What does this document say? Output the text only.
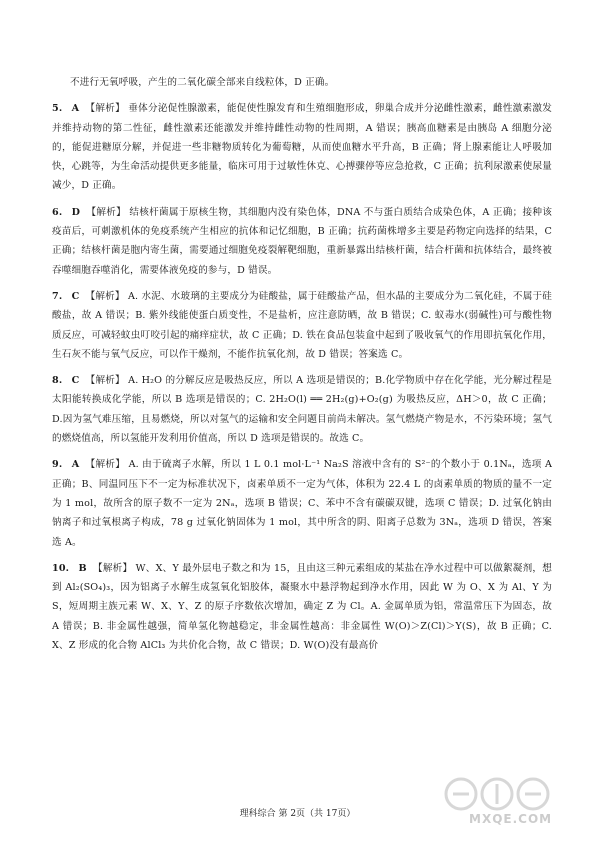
不进行无氧呼吸，产生的二氧化碳全部来自线粒体，D 正确。

5. A 【解析】 垂体分泌促性腺激素，能促使性腺发育和生殖细胞形成，卵巢合成并分泌雌性激素，雌性激素激发并维持动物的第二性征，雌性激素还能激发并维持雌性动物的性周期，A 错误；胰高血糖素是由胰岛 A 细胞分泌的，能促进糖原分解，并促进一些非糖物质转化为葡萄糖，从而使血糖水平升高，B 正确；肾上腺素能让人呼吸加快，心跳等，为生命活动提供更多能量，临床可用于过敏性休克、心搏骤停等应急抢救，C 正确；抗利尿激素使尿量减少，D 正确。

6. D 【解析】 结核杆菌属于原核生物，其细胞内没有染色体，DNA 不与蛋白质结合成染色体，A 正确；接种该疫苗后，可刺激机体的免疫系统产生相应的抗体和记忆细胞，B 正确；抗药菌株增多主要是药物定向选择的结果，C 正确；结核杆菌是胞内寄生菌，需要通过细胞免疫裂解靶细胞，重新暴露出结核杆菌，结合杆菌和抗体结合，最终被吞噬细胞吞噬消化，需要体液免疫的参与，D 错误。

7. C 【解析】 A. 水泥、水玻璃的主要成分为硅酸盐，属于硅酸盐产品，但水晶的主要成分为二氧化硅，不属于硅酸盐，故 A 错误；B. 紫外线能使蛋白质变性，不是盐析，应注意防晒，故 B 错误；C. 蚁毒水(弱碱性)可与酸性物质反应，可减轻蚊虫叮咬引起的痛痒症状，故 C 正确；D. 铁在食品包装盒中起到了吸收氧气的作用即抗氧化作用，生石灰不能与氧气反应，可以作干燥剂，不能作抗氧化剂，故 D 错误；答案选 C。

8. C 【解析】 A. H₂O 的分解反应是吸热反应，所以 A 选项是错误的；B.化学物质中存在化学能，光分解过程是太阳能转换成化学能，所以 B 选项是错误的；C. 2H₂O(l) ══ 2H₂(g)+O₂(g) 为吸热反应，ΔH＞0，故 C 正确；D.因为氢气难压缩，且易燃烧，所以对氢气的运输和安全问题目前尚未解决。氢气燃烧产物是水，不污染环境；氢气的燃烧值高，所以氢能开发利用价值高，所以 D 选项是错误的。故选 C。

9. A 【解析】 A. 由于硫离子水解，所以 1 L 0.1 mol·L⁻¹ Na₂S 溶液中含有的 S²⁻的个数小于 0.1Nₐ，选项 A 正确；B、同温同压下不一定为标准状况下，卤素单质不一定为气体，体积为 22.4 L 的卤素单质的物质的量不一定为 1 mol，故所含的原子数不一定为 2Nₐ，选项 B 错误；C、苯中不含有碳碳双键，选项 C 错误；D. 过氧化钠由钠离子和过氧根离子构成，78 g 过氧化钠固体为 1 mol，其中所含的阴、阳离子总数为 3Nₐ，选项 D 错误，答案选 A。

10. B 【解析】 W、X、Y 最外层电子数之和为 15，且由这三种元素组成的某盐在净水过程中可以做絮凝剂，想到 Al₂(SO₄)₃，因为铝离子水解生成氢氧化铝胶体，凝聚水中悬浮物起到净水作用，因此 W 为 O、X 为 Al、Y 为 S，短周期主族元素 W、X、Y、Z 的原子序数依次增加，确定 Z 为 Cl。A. 金属单质为铝，常温常压下为固态，故 A 错误；B. 非金属性越强，简单氢化物越稳定，非金属性越高：非金属性 W(O)＞Z(Cl)＞Y(S)，故 B 正确；C. X、Z 形成的化合物 AlCl₃ 为共价化合物，故 C 错误；D. W(O)没有最高价

理科综合 第 2页（共 17页）	MXQE.COM
